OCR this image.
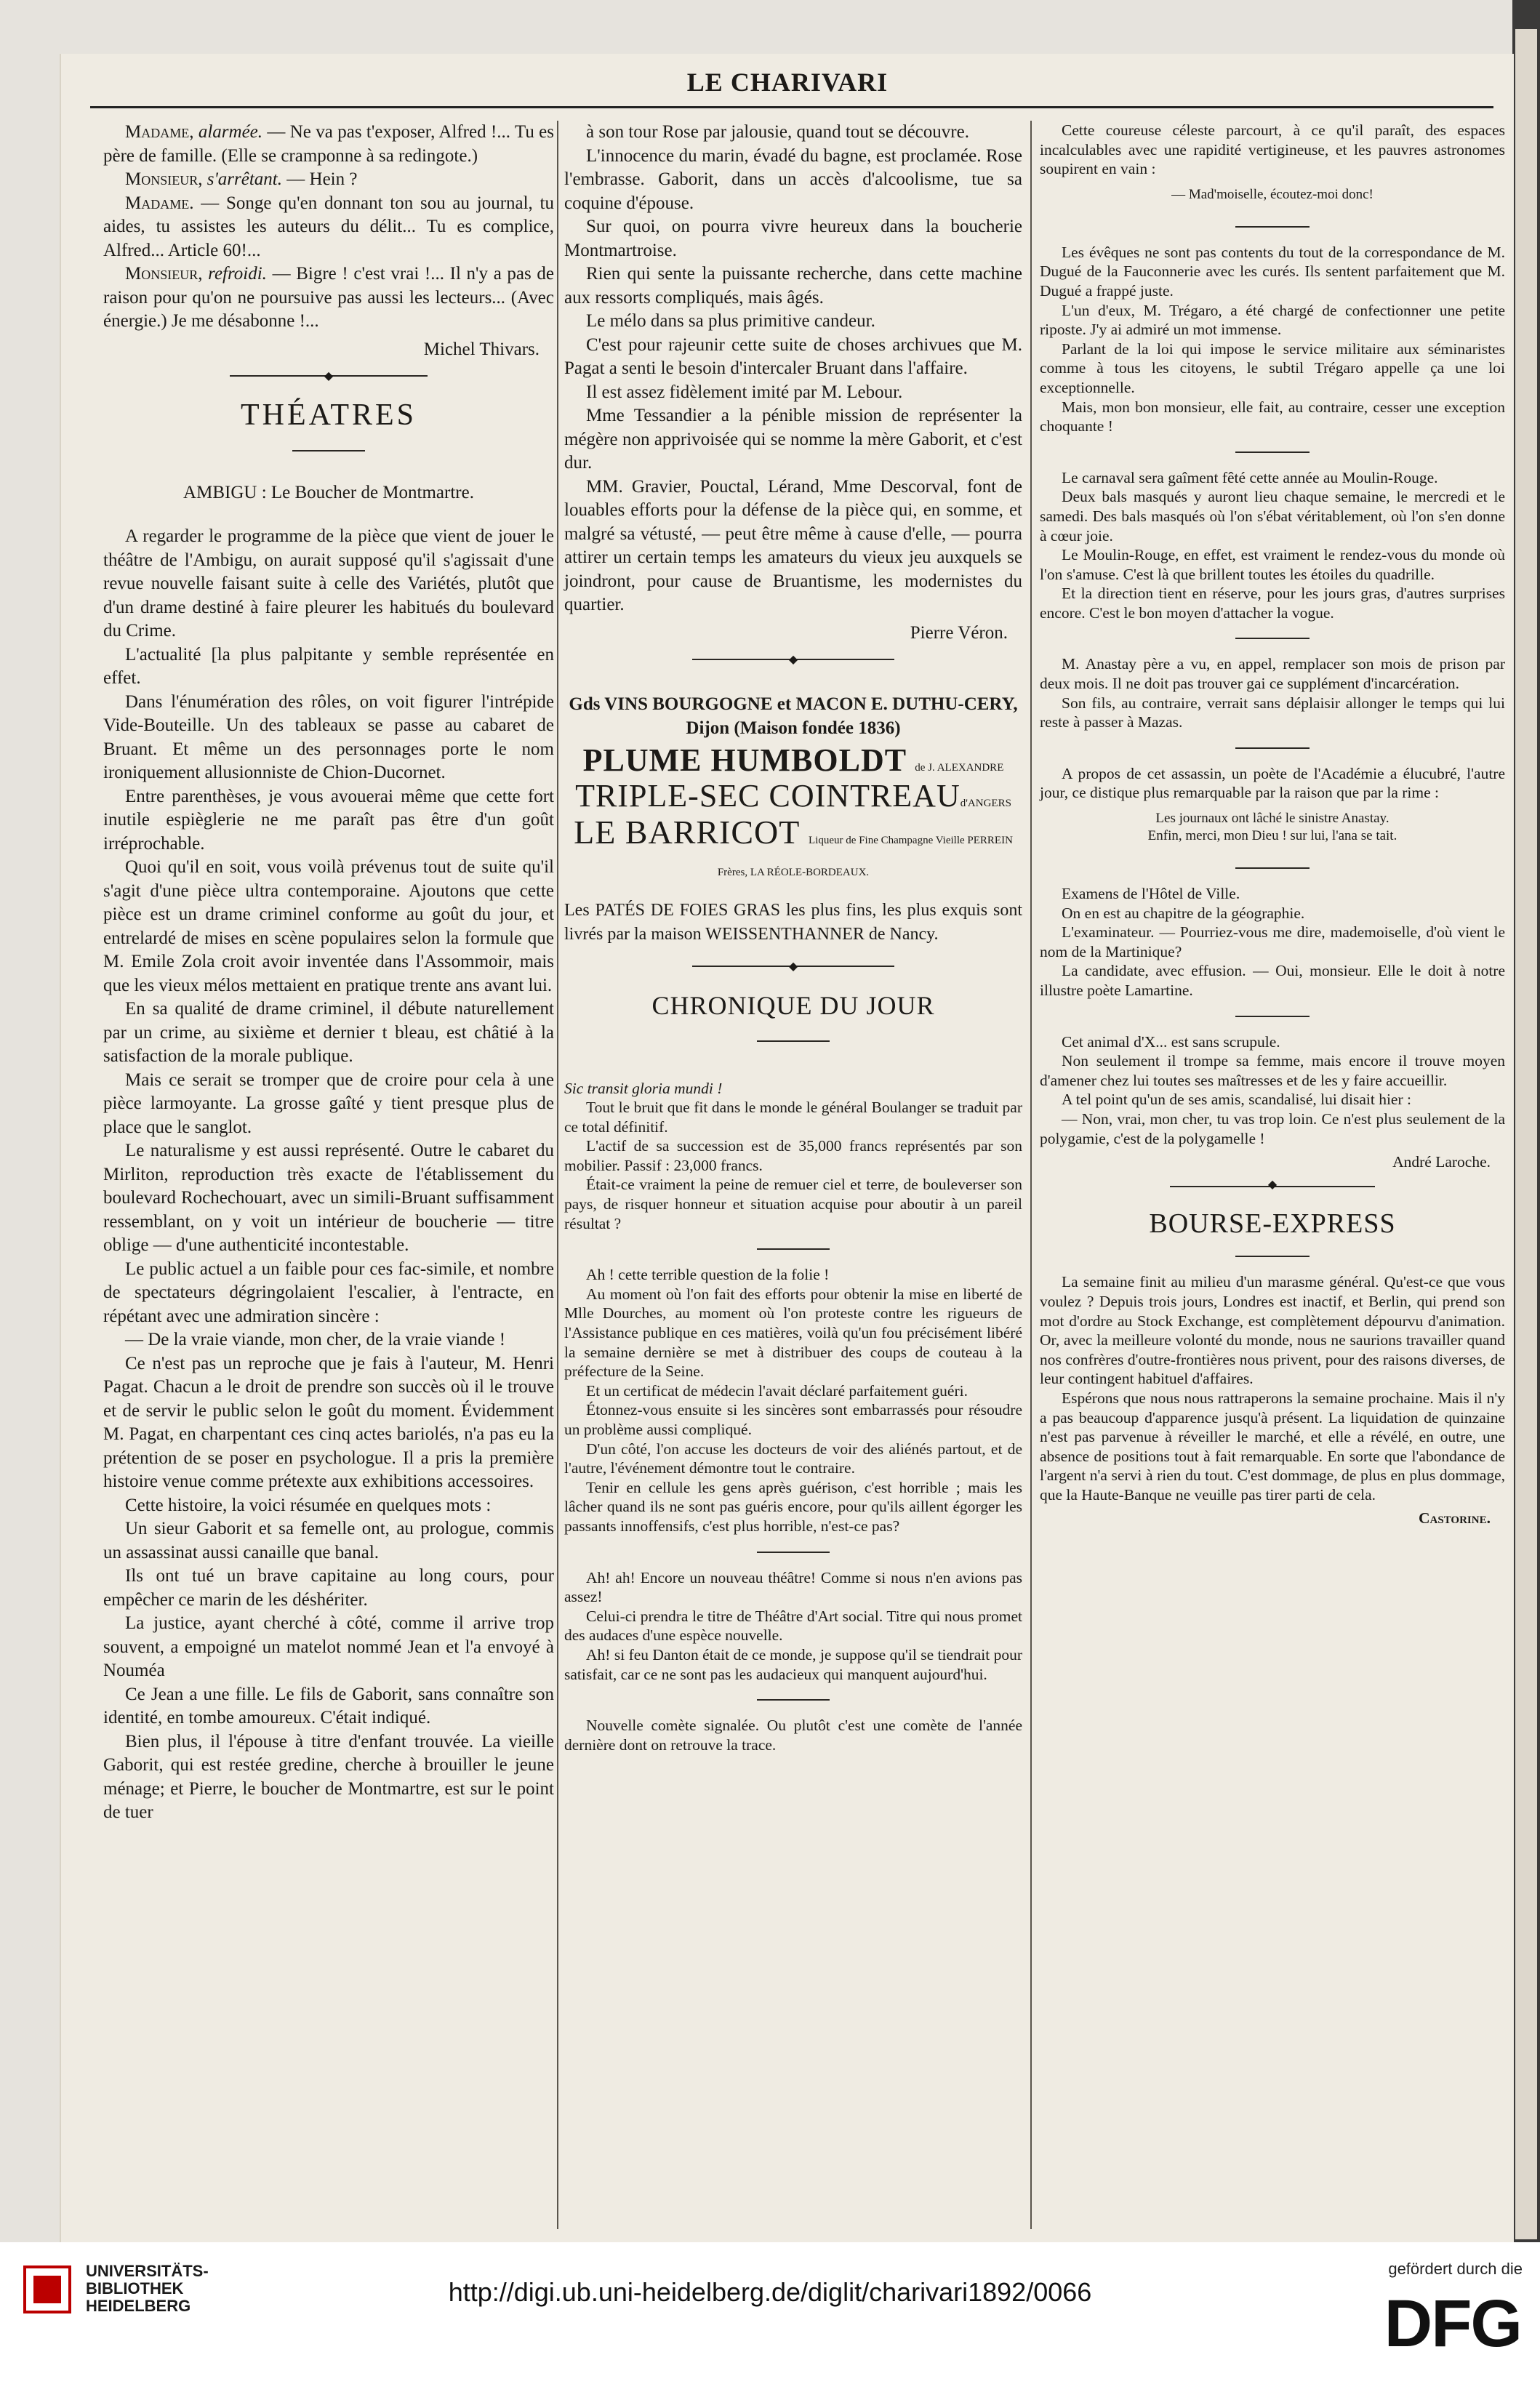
LE CHARIVARI

Madame, alarmée. — Ne va pas t'exposer, Alfred !... Tu es père de famille. (Elle se cramponne à sa redingote.)

Monsieur, s'arrêtant. — Hein ?

Madame. — Songe qu'en donnant ton sou au journal, tu aides, tu assistes les auteurs du délit... Tu es complice, Alfred... Article 60!...

Monsieur, refroidi. — Bigre ! c'est vrai !... Il n'y a pas de raison pour qu'on ne poursuive pas aussi les lecteurs... (Avec énergie.) Je me désabonne !...

Michel Thivars.
◆
THÉATRES
AMBIGU : Le Boucher de Montmartre.

A regarder le programme de la pièce que vient de jouer le théâtre de l'Ambigu, on aurait supposé qu'il s'agissait d'une revue nouvelle faisant suite à celle des Variétés, plutôt que d'un drame destiné à faire pleurer les habitués du boulevard du Crime.

L'actualité [la plus palpitante y semble représentée en effet.

Dans l'énumération des rôles, on voit figurer l'intrépide Vide-Bouteille. Un des tableaux se passe au cabaret de Bruant. Et même un des personnages porte le nom ironiquement allusionniste de Chion-Ducornet.

Entre parenthèses, je vous avouerai même que cette fort inutile espièglerie ne me paraît pas être d'un goût irréprochable.

Quoi qu'il en soit, vous voilà prévenus tout de suite qu'il s'agit d'une pièce ultra contemporaine. Ajoutons que cette pièce est un drame criminel conforme au goût du jour, et entrelardé de mises en scène populaires selon la formule que M. Emile Zola croit avoir inventée dans l'Assommoir, mais que les vieux mélos mettaient en pratique trente ans avant lui.

En sa qualité de drame criminel, il débute naturellement par un crime, au sixième et dernier t bleau, est châtié à la satisfaction de la morale publique.

Mais ce serait se tromper que de croire pour cela à une pièce larmoyante. La grosse gaîté y tient presque plus de place que le sanglot.

Le naturalisme y est aussi représenté. Outre le cabaret du Mirliton, reproduction très exacte de l'établissement du boulevard Rochechouart, avec un simili-Bruant suffisamment ressemblant, on y voit un intérieur de boucherie — titre oblige — d'une authenticité incontestable.

Le public actuel a un faible pour ces fac-simile, et nombre de spectateurs dégringolaient l'escalier, à l'entracte, en répétant avec une admiration sincère :

— De la vraie viande, mon cher, de la vraie viande !

Ce n'est pas un reproche que je fais à l'auteur, M. Henri Pagat. Chacun a le droit de prendre son succès où il le trouve et de servir le public selon le goût du moment. Évidemment M. Pagat, en charpentant ces cinq actes bariolés, n'a pas eu la prétention de se poser en psychologue. Il a pris la première histoire venue comme prétexte aux exhibitions accessoires.

Cette histoire, la voici résumée en quelques mots :

Un sieur Gaborit et sa femelle ont, au prologue, commis un assassinat aussi canaille que banal.

Ils ont tué un brave capitaine au long cours, pour empêcher ce marin de les déshériter.

La justice, ayant cherché à côté, comme il arrive trop souvent, a empoigné un matelot nommé Jean et l'a envoyé à Nouméa

Ce Jean a une fille. Le fils de Gaborit, sans connaître son identité, en tombe amoureux. C'était indiqué.

Bien plus, il l'épouse à titre d'enfant trouvée. La vieille Gaborit, qui est restée gredine, cherche à brouiller le jeune ménage; et Pierre, le boucher de Montmartre, est sur le point de tuer

à son tour Rose par jalousie, quand tout se découvre.

L'innocence du marin, évadé du bagne, est proclamée. Rose l'embrasse. Gaborit, dans un accès d'alcoolisme, tue sa coquine d'épouse.

Sur quoi, on pourra vivre heureux dans la boucherie Montmartroise.

Rien qui sente la puissante recherche, dans cette machine aux ressorts compliqués, mais âgés.

Le mélo dans sa plus primitive candeur.

C'est pour rajeunir cette suite de choses archivues que M. Pagat a senti le besoin d'intercaler Bruant dans l'affaire.

Il est assez fidèlement imité par M. Lebour.

Mme Tessandier a la pénible mission de représenter la mégère non apprivoisée qui se nomme la mère Gaborit, et c'est dur.

MM. Gravier, Pouctal, Lérand, Mme Descorval, font de louables efforts pour la défense de la pièce qui, en somme, et malgré sa vétusté, — peut être même à cause d'elle, — pourra attirer un certain temps les amateurs du vieux jeu auxquels se joindront, pour cause de Bruantisme, les modernistes du quartier.

Pierre Véron.
◆
Gds VINS BOURGOGNE et MACON E. DUTHU-CERY, Dijon (Maison fondée 1836)
PLUME HUMBOLDT de J. ALEXANDRE
TRIPLE-SEC COINTREAUd'ANGERS
LE BARRICOT Liqueur de Fine Champagne Vieille PERREIN Frères, LA RÉOLE-BORDEAUX.
Les PATÉS DE FOIES GRAS les plus fins, les plus exquis sont livrés par la maison WEISSENTHANNER de Nancy.
◆
CHRONIQUE DU JOUR

Sic transit gloria mundi !

Tout le bruit que fit dans le monde le général Boulanger se traduit par ce total définitif.

L'actif de sa succession est de 35,000 francs représentés par son mobilier. Passif : 23,000 francs.

Était-ce vraiment la peine de remuer ciel et terre, de bouleverser son pays, de risquer honneur et situation acquise pour aboutir à un pareil résultat ?

Ah ! cette terrible question de la folie !

Au moment où l'on fait des efforts pour obtenir la mise en liberté de Mlle Dourches, au moment où l'on proteste contre les rigueurs de l'Assistance publique en ces matières, voilà qu'un fou précisément libéré la semaine dernière se met à distribuer des coups de couteau à la préfecture de la Seine.

Et un certificat de médecin l'avait déclaré parfaitement guéri.

Étonnez-vous ensuite si les sincères sont embarrassés pour résoudre un problème aussi compliqué.

D'un côté, l'on accuse les docteurs de voir des aliénés partout, et de l'autre, l'événement démontre tout le contraire.

Tenir en cellule les gens après guérison, c'est horrible ; mais les lâcher quand ils ne sont pas guéris encore, pour qu'ils aillent égorger les passants innoffensifs, c'est plus horrible, n'est-ce pas?

Ah! ah! Encore un nouveau théâtre! Comme si nous n'en avions pas assez!

Celui-ci prendra le titre de Théâtre d'Art social. Titre qui nous promet des audaces d'une espèce nouvelle.

Ah! si feu Danton était de ce monde, je suppose qu'il se tiendrait pour satisfait, car ce ne sont pas les audacieux qui manquent aujourd'hui.

Nouvelle comète signalée. Ou plutôt c'est une comète de l'année dernière dont on retrouve la trace.

Cette coureuse céleste parcourt, à ce qu'il paraît, des espaces incalculables avec une rapidité vertigineuse, et les pauvres astronomes soupirent en vain :

— Mad'moiselle, écoutez-moi donc!

Les évêques ne sont pas contents du tout de la correspondance de M. Dugué de la Fauconnerie avec les curés. Ils sentent parfaitement que M. Dugué a frappé juste.

L'un d'eux, M. Trégaro, a été chargé de confectionner une petite riposte. J'y ai admiré un mot immense.

Parlant de la loi qui impose le service militaire aux séminaristes comme à tous les citoyens, le subtil Trégaro appelle ça une loi exceptionnelle.

Mais, mon bon monsieur, elle fait, au contraire, cesser une exception choquante !

Le carnaval sera gaîment fêté cette année au Moulin-Rouge.

Deux bals masqués y auront lieu chaque semaine, le mercredi et le samedi. Des bals masqués où l'on s'ébat véritablement, où l'on s'en donne à cœur joie.

Le Moulin-Rouge, en effet, est vraiment le rendez-vous du monde où l'on s'amuse. C'est là que brillent toutes les étoiles du quadrille.

Et la direction tient en réserve, pour les jours gras, d'autres surprises encore. C'est le bon moyen d'attacher la vogue.

M. Anastay père a vu, en appel, remplacer son mois de prison par deux mois. Il ne doit pas trouver gai ce supplément d'incarcération.

Son fils, au contraire, verrait sans déplaisir allonger le temps qui lui reste à passer à Mazas.

A propos de cet assassin, un poète de l'Académie a élucubré, l'autre jour, ce distique plus remarquable par la raison que par la rime :

Les journaux ont lâché le sinistre Anastay.
Enfin, merci, mon Dieu ! sur lui, l'ana se tait.

Examens de l'Hôtel de Ville.

On en est au chapitre de la géographie.

L'examinateur. — Pourriez-vous me dire, mademoiselle, d'où vient le nom de la Martinique?

La candidate, avec effusion. — Oui, monsieur. Elle le doit à notre illustre poète Lamartine.

Cet animal d'X... est sans scrupule.

Non seulement il trompe sa femme, mais encore il trouve moyen d'amener chez lui toutes ses maîtresses et de les y faire accueillir.

A tel point qu'un de ses amis, scandalisé, lui disait hier :

— Non, vrai, mon cher, tu vas trop loin. Ce n'est plus seulement de la polygamie, c'est de la polygamelle !

André Laroche.
◆
BOURSE-EXPRESS

La semaine finit au milieu d'un marasme général. Qu'est-ce que vous voulez ? Depuis trois jours, Londres est inactif, et Berlin, qui prend son mot d'ordre au Stock Exchange, est complètement dépourvu d'animation. Or, avec la meilleure volonté du monde, nous ne saurions travailler quand nos confrères d'outre-frontières nous privent, pour des raisons diverses, de leur contingent habituel d'affaires.

Espérons que nous nous rattraperons la semaine prochaine. Mais il n'y a pas beaucoup d'apparence jusqu'à présent. La liquidation de quinzaine n'est pas parvenue à réveiller le marché, et elle a révélé, en outre, une absence de positions tout à fait remarquable. En sorte que l'abondance de l'argent n'a servi à rien du tout. C'est dommage, de plus en plus dommage, que la Haute-Banque ne veuille pas tirer parti de cela.

Castorine.
UNIVERSITÄTS-
BIBLIOTHEK
HEIDELBERG	http://digi.ub.uni-heidelberg.de/diglit/charivari1892/0066
gefördert durch die
DFG
